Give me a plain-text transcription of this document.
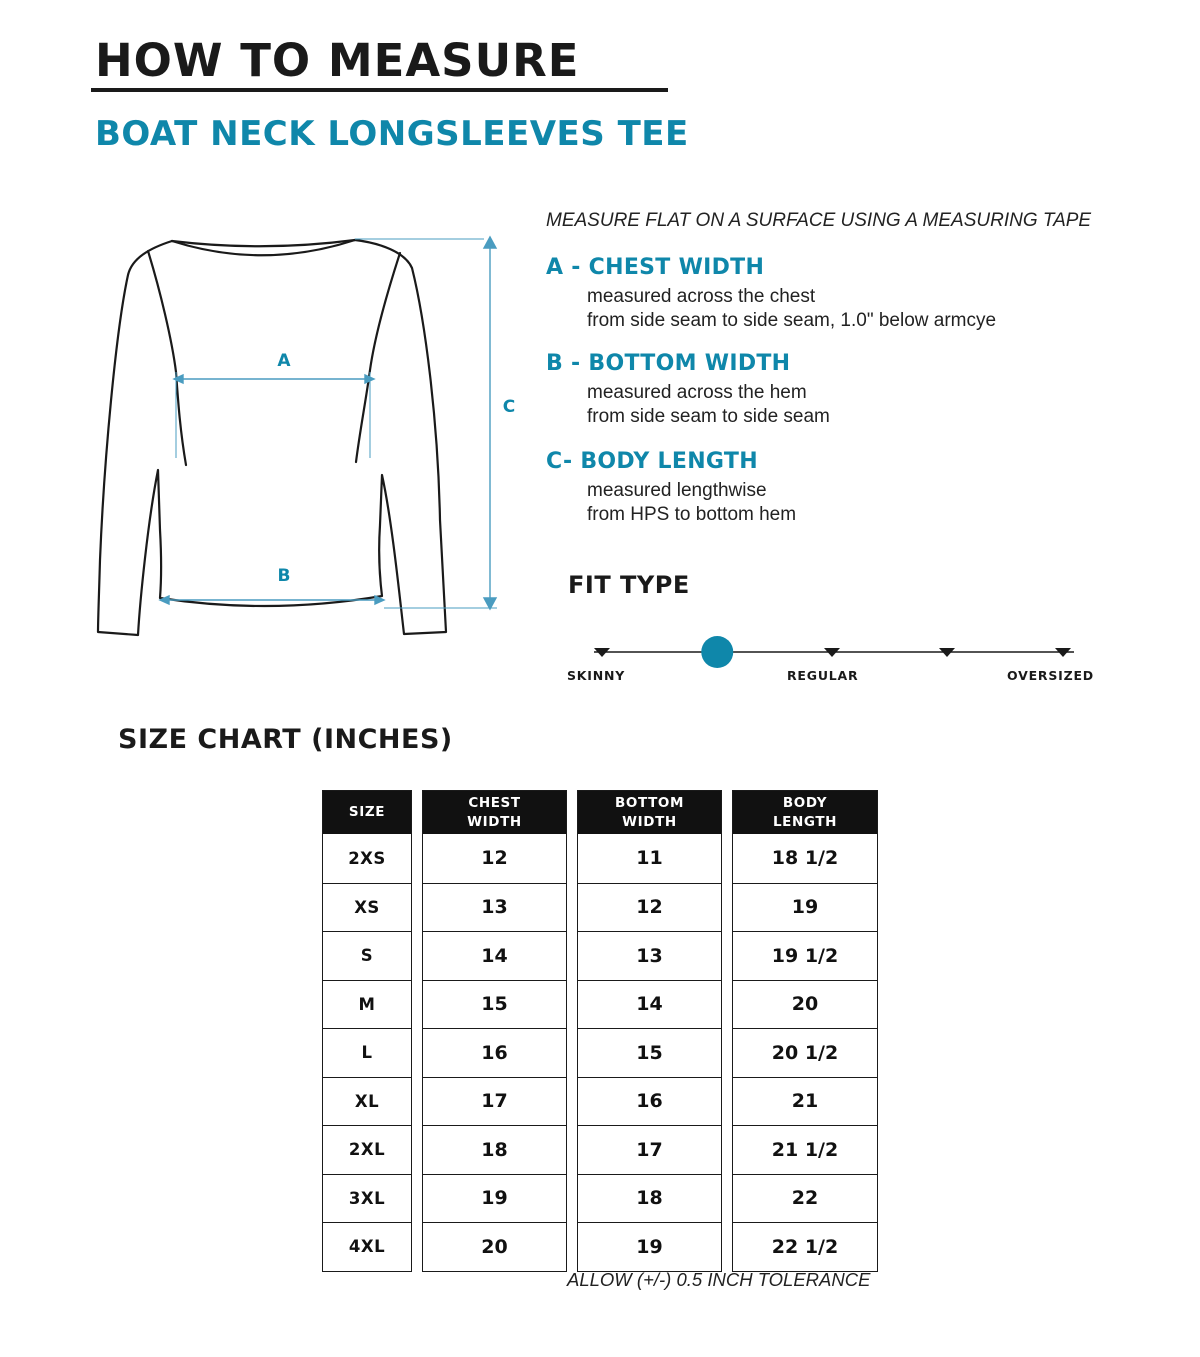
HOW TO MEASURE
BOAT NECK LONGSLEEVES TEE
A
B
C

MEASURE FLAT ON A SURFACE USING A MEASURING TAPE

A - CHEST WIDTH

measured across the chest

from side seam to side seam, 1.0" below armcye

B - BOTTOM WIDTH

measured across the hem

from side seam to side seam

C- BODY LENGTH

measured lengthwise

from HPS to bottom hem

FIT TYPE
SKINNY	REGULAR	OVERSIZED
SIZE CHART (INCHES)
SIZE
2XS
XS
S
M
L
XL
2XL
3XL
4XL
CHEST
WIDTH
12
13
14
15
16
17
18
19
20
BOTTOM
WIDTH
11
12
13
14
15
16
17
18
19
BODY
LENGTH
18 1/2
19
19 1/2
20
20 1/2
21
21 1/2
22
22 1/2

ALLOW (+/-) 0.5 INCH TOLERANCE
